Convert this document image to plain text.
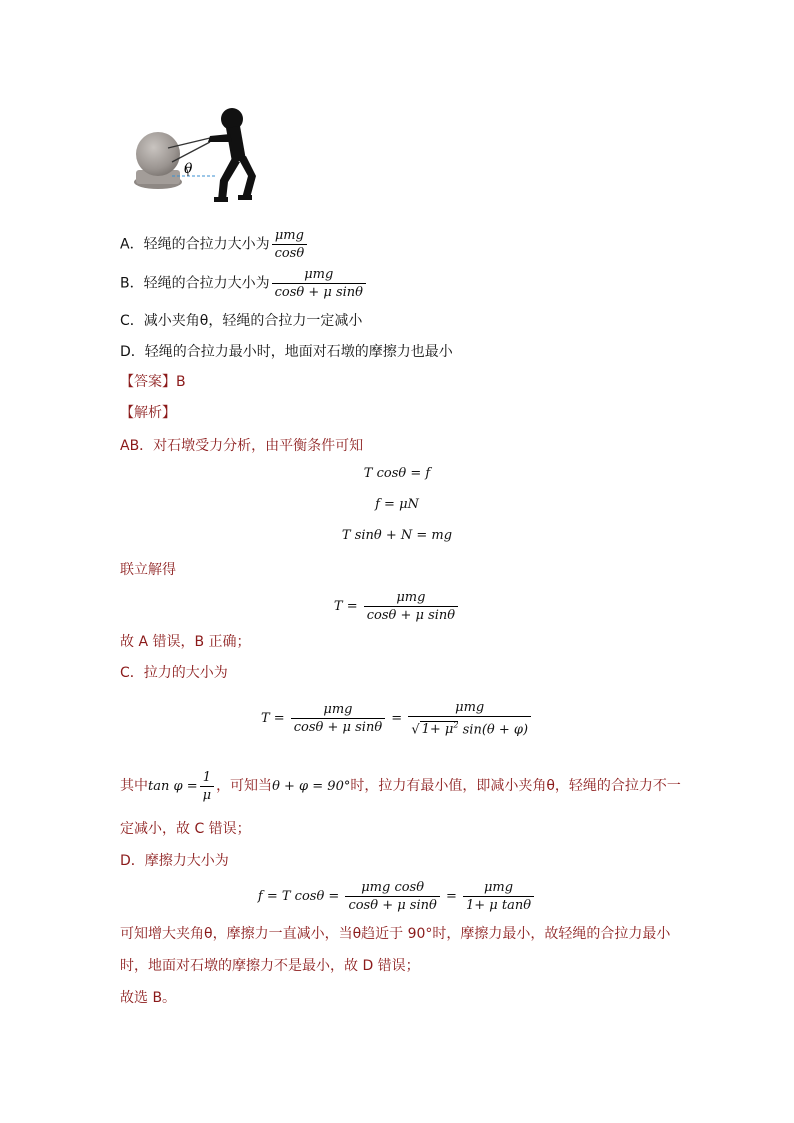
θ
A．轻绳的合拉力大小为 $\frac{\text{μmg}}{\cos\theta}$
B．轻绳的合拉力大小为 $\frac{\text{μmg}}{\text{cosθ + μ sinθ}}$
C．减小夹角θ，轻绳的合拉力一定减小
D．轻绳的合拉力最小时，地面对石墩的摩擦力也最小
【答案】B
【解析】
AB．对石墩受力分析，由平衡条件可知
T cosθ = f
f = μN
T sinθ + N = mg
联立解得
$T = \frac{\text{μmg}}{\text{cosθ + μ sinθ}}$
故 A 错误，B 正确；
C．拉力的大小为
$T = \frac{\text{μmg}}{\text{cosθ + μ sinθ}} = \frac{\text{μmg}}{√ 1+ \mu^2 \sin(\theta + \varphi)}$
其中$\tan \varphi = \frac{1}{\mu}$ ，可知当θ + φ = 90°时，拉力有最小值，即减小夹角θ，轻绳的合拉力不一
定减小，故 C 错误；
D．摩擦力大小为
f = T $\cos\theta = \frac{\text{μmg cosθ}}{\text{cosθ + μ sinθ}} = \frac{\text{μmg}}{\text{1+ μ tanθ}}$
可知增大夹角θ，摩擦力一直减小，当θ趋近于 90°时，摩擦力最小，故轻绳的合拉力最小
时，地面对石墩的摩擦力不是最小，故 D 错误；
故选 B。
